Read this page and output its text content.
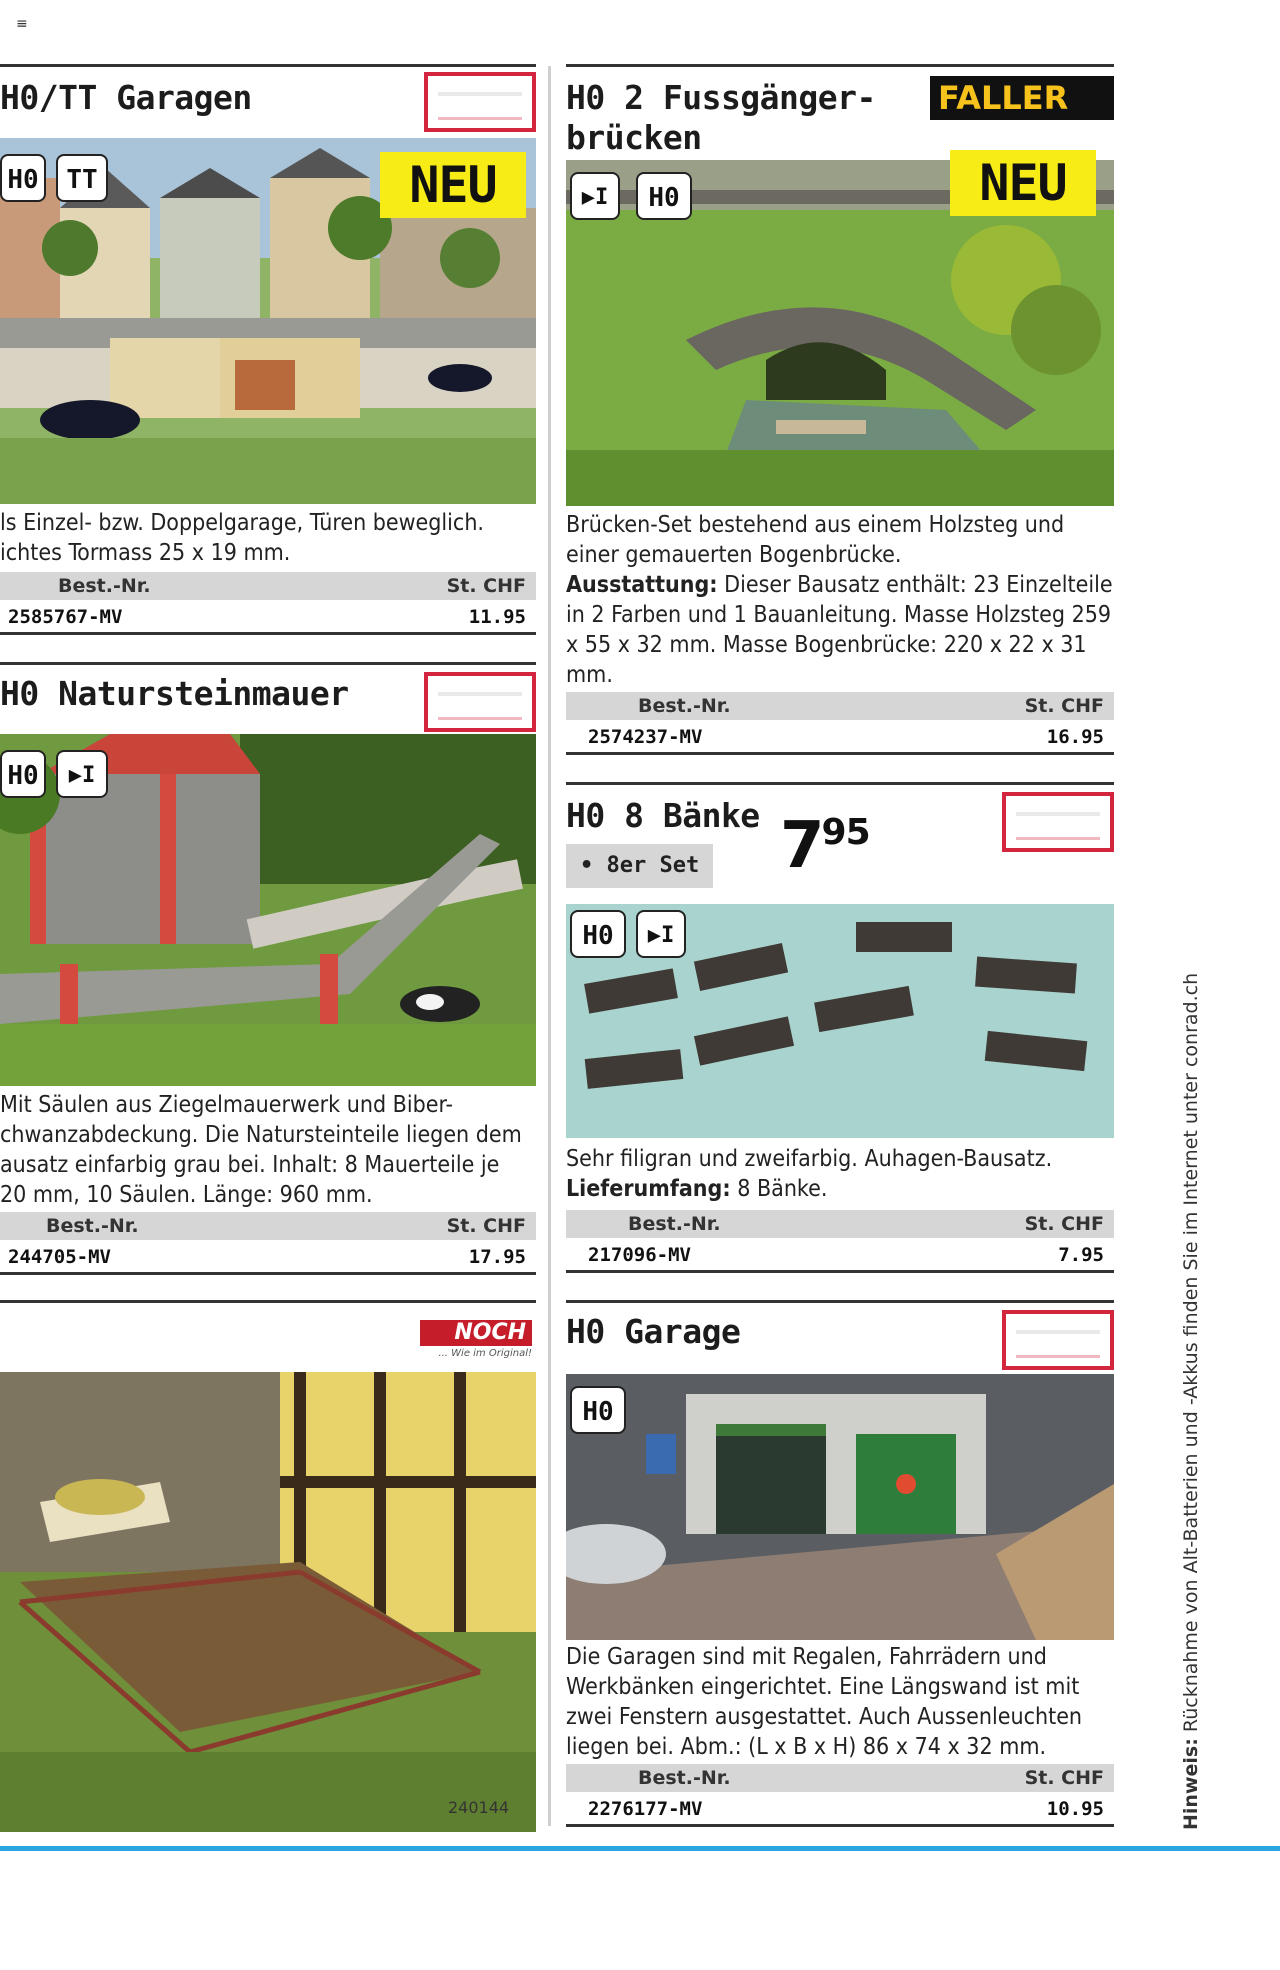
≡
H0/TT Garagen
H0	TT	NEU
ls Einzel- bzw. Doppelgarage, Türen beweglich.
ichtes Tormass 25 x 19 mm.
Best.-Nr.	St. CHF
2585767-MV	11.95
H0 Natursteinmauer
H0	▶I
Mit Säulen aus Ziegelmauerwerk und Biber-
chwanzabdeckung. Die Natursteinteile liegen dem
ausatz einfarbig grau bei. Inhalt: 8 Mauerteile je
20 mm, 10 Säulen. Länge: 960 mm.
Best.-Nr.	St. CHF
244705-MV	17.95
NOCH
... Wie im Original!
240144
H0 2 Fussgänger-
brücken
FALLER
▶I	H0	NEU
Brücken-Set bestehend aus einem Holzsteg und
einer gemauerten Bogenbrücke.
Ausstattung: Dieser Bausatz enthält: 23 Einzelteile in 2 Farben und 1 Bauanleitung. Masse Holzsteg 259 x 55 x 32 mm. Masse Bogenbrücke: 220 x 22 x 31 mm.
Best.-Nr.	St. CHF
2574237-MV	16.95
H0 8 Bänke
• 8er Set 795
H0	▶I
Sehr filigran und zweifarbig. Auhagen-Bausatz.
Lieferumfang: 8 Bänke.
Best.-Nr.	St. CHF
217096-MV	7.95
H0 Garage
H0
Die Garagen sind mit Regalen, Fahrrädern und
Werkbänken eingerichtet. Eine Längswand ist mit
zwei Fenstern ausgestattet. Auch Aussenleuchten
liegen bei. Abm.: (L x B x H) 86 x 74 x 32 mm.
Best.-Nr.	St. CHF
2276177-MV	10.95	Hinweis: Rücknahme von Alt-Batterien und -Akkus finden Sie im Internet unter conrad.ch
